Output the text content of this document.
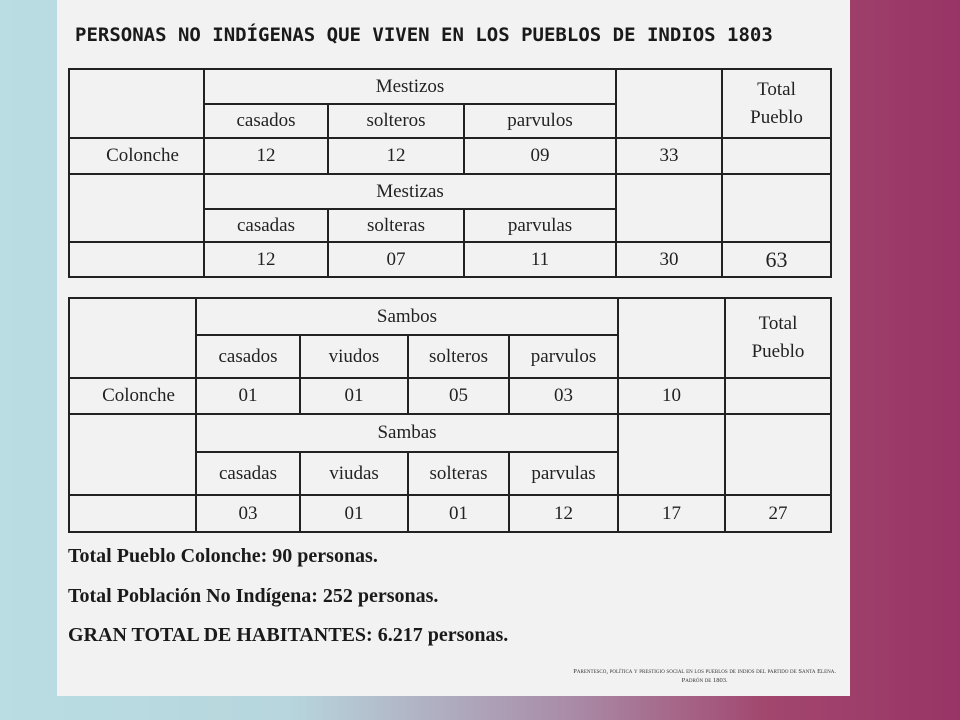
PERSONAS NO INDÍGENAS QUE VIVEN EN LOS PUEBLOS DE INDIOS 1803
	Mestizos				Total
Pueblo
	casados	solteros	parvulos		
Colonche	12	12	09	33	
	Mestizas				
	casadas	solteras	parvulas		
	12	07	11	30	63
	Sambos					Total
Pueblo
	casados	viudos	solteros	parvulos		
Colonche	01	01	05	03	10	
	Sambas					
	casadas	viudas	solteras	parvulas		
	03	01	01	12	17	27
Total Pueblo Colonche: 90 personas.
Total Población No Indígena: 252 personas.
GRAN TOTAL DE HABITANTES: 6.217 personas.
Parentesco, política y prestigio social en los pueblos de indios del partido de Santa Elena.
Padrón de 1803.
